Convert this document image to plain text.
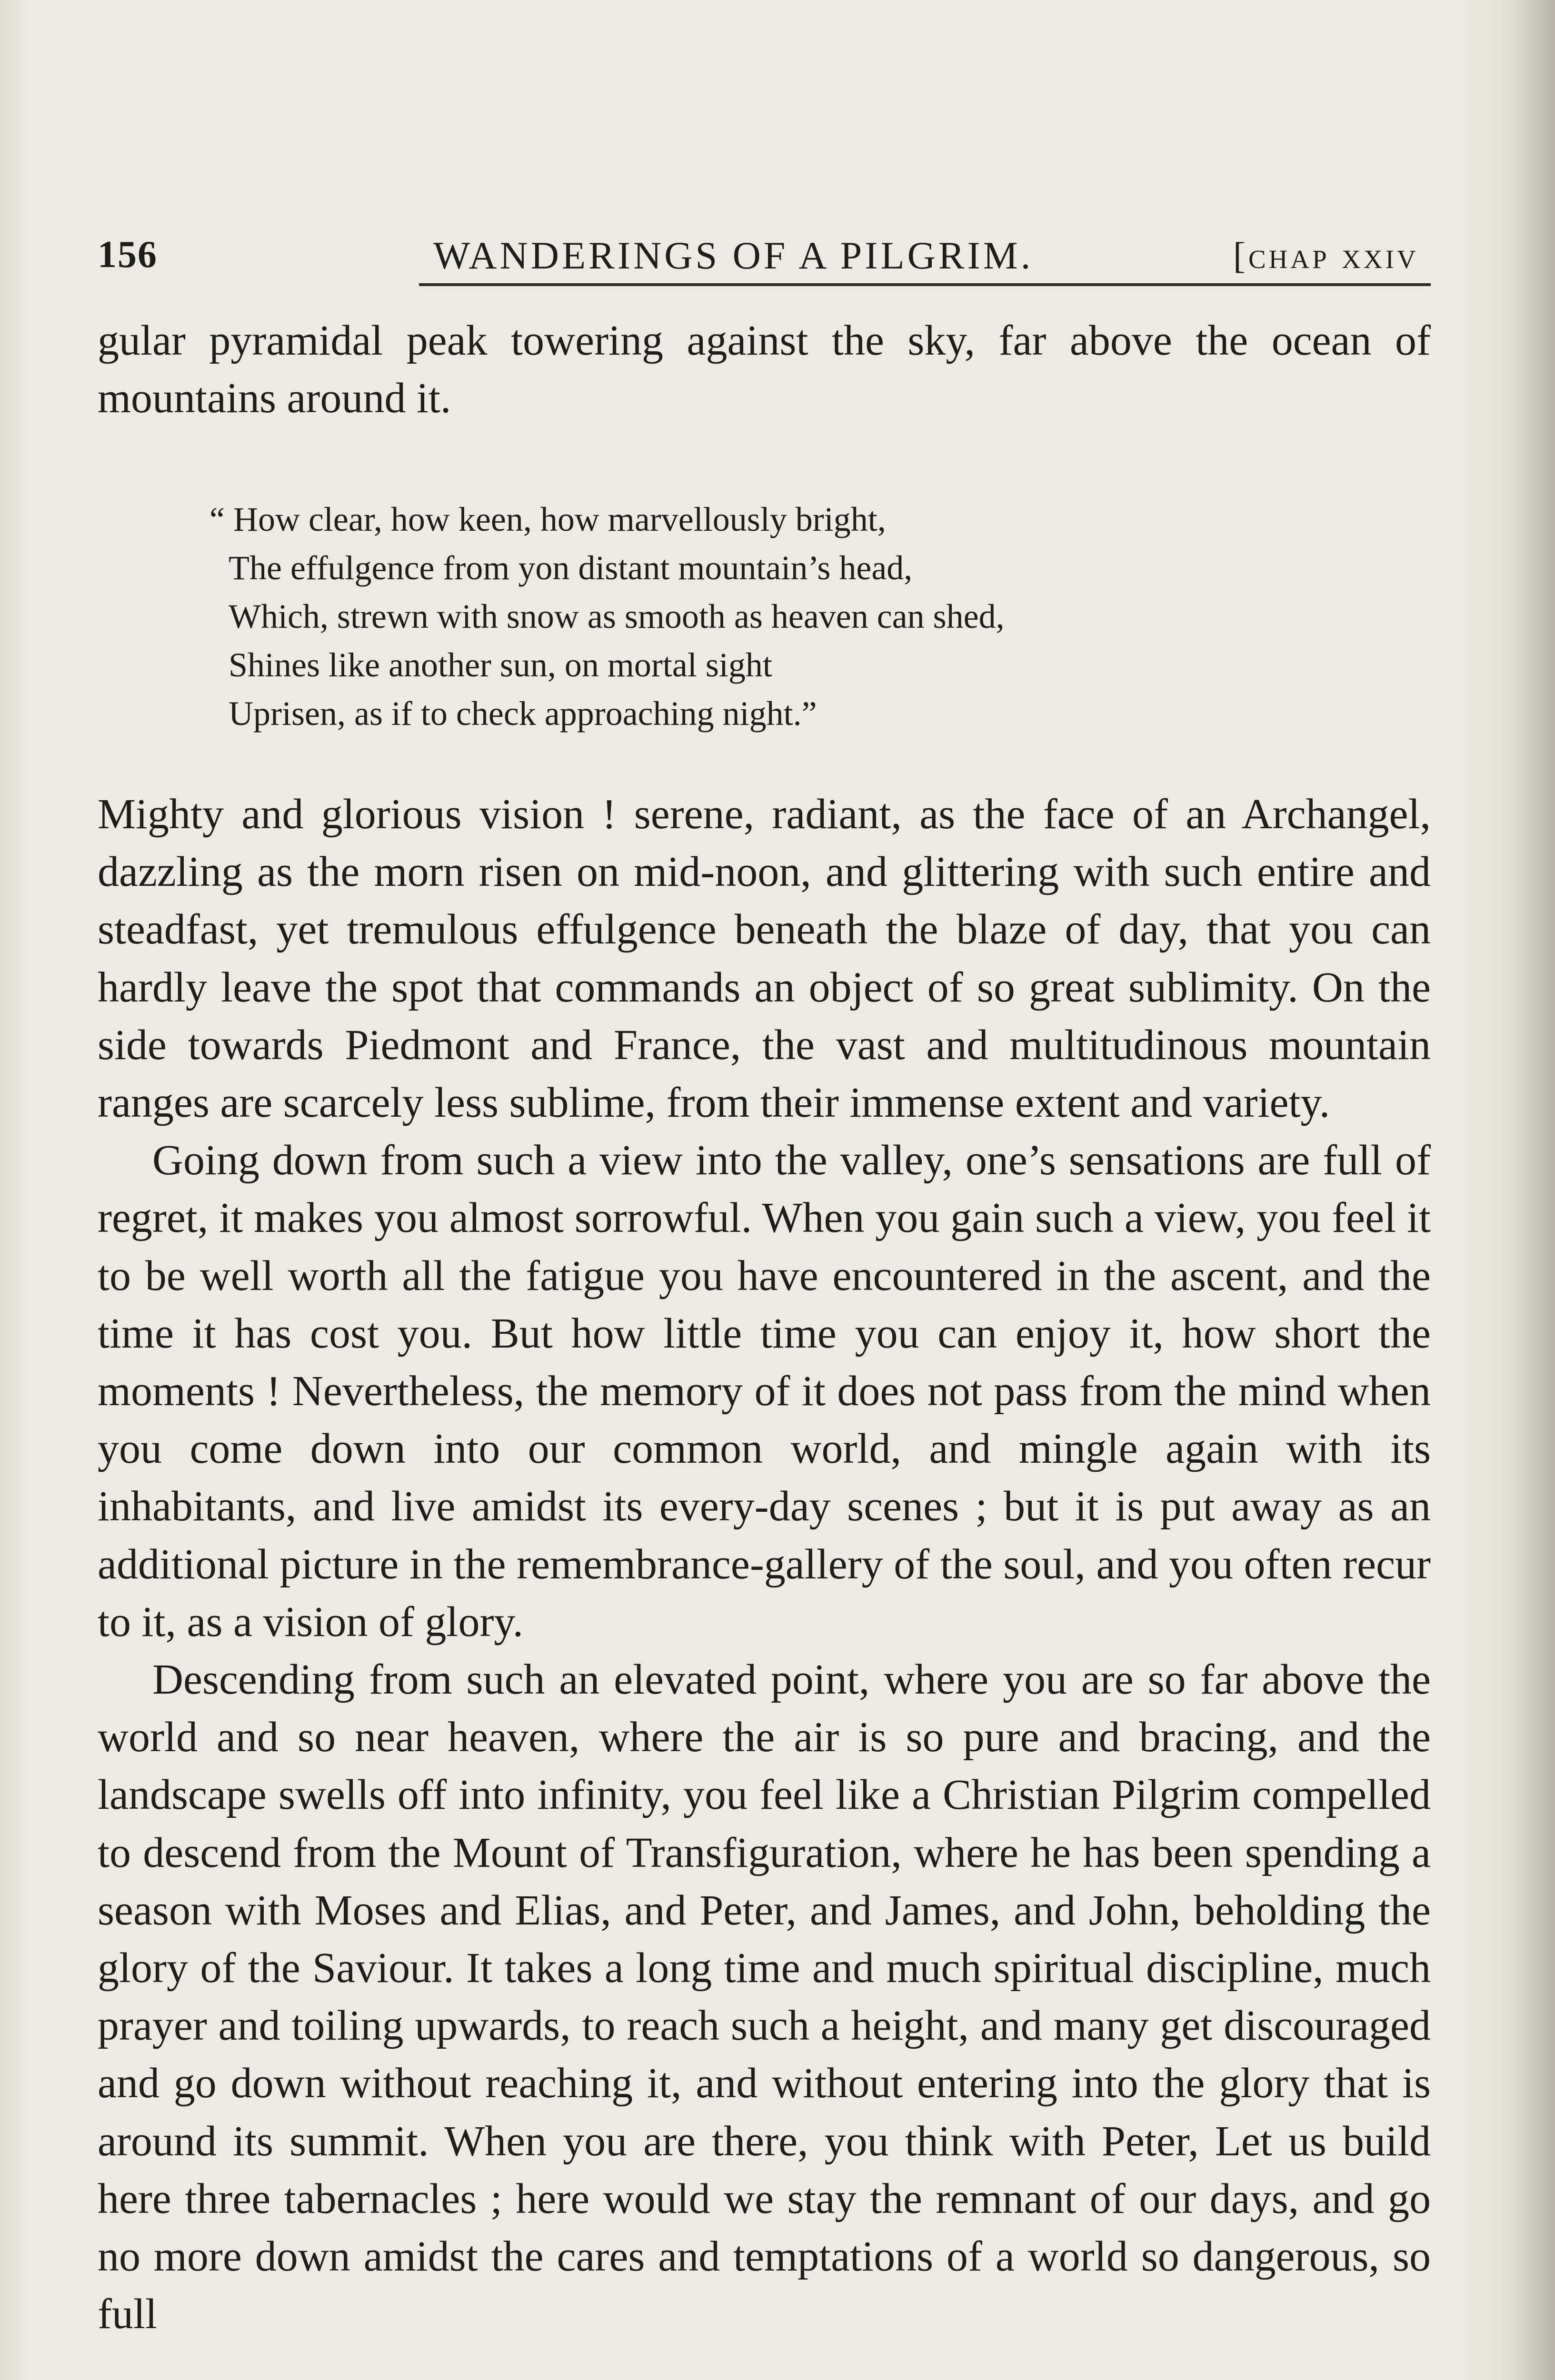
156	WANDERINGS OF A PILGRIM.	[chap xxiv

gular pyramidal peak towering against the sky, far above the ocean of mountains around it.

“ How clear, how keen, how marvellously bright,
The effulgence from yon distant mountain’s head,
Which, strewn with snow as smooth as heaven can shed,
Shines like another sun, on mortal sight
Uprisen, as if to check approaching night.”

Mighty and glorious vision ! serene, radiant, as the face of an Archangel, dazzling as the morn risen on mid-noon, and glittering with such entire and steadfast, yet tremulous effulgence beneath the blaze of day, that you can hardly leave the spot that commands an object of so great sublimity. On the side towards Piedmont and France, the vast and multitudinous mountain ranges are scarcely less sublime, from their immense extent and variety.

Going down from such a view into the valley, one’s sensations are full of regret, it makes you almost sorrowful. When you gain such a view, you feel it to be well worth all the fatigue you have encountered in the ascent, and the time it has cost you. But how little time you can enjoy it, how short the moments ! Nevertheless, the memory of it does not pass from the mind when you come down into our common world, and mingle again with its inhabitants, and live amidst its every-day scenes ; but it is put away as an additional picture in the remembrance-gallery of the soul, and you often recur to it, as a vision of glory.

Descending from such an elevated point, where you are so far above the world and so near heaven, where the air is so pure and bracing, and the landscape swells off into infinity, you feel like a Christian Pilgrim compelled to descend from the Mount of Transfiguration, where he has been spending a season with Moses and Elias, and Peter, and James, and John, beholding the glory of the Saviour. It takes a long time and much spiritual discipline, much prayer and toiling upwards, to reach such a height, and many get discouraged and go down without reaching it, and without entering into the glory that is around its summit. When you are there, you think with Peter, Let us build here three tabernacles ; here would we stay the remnant of our days, and go no more down amidst the cares and temptations of a world so dangerous, so full
